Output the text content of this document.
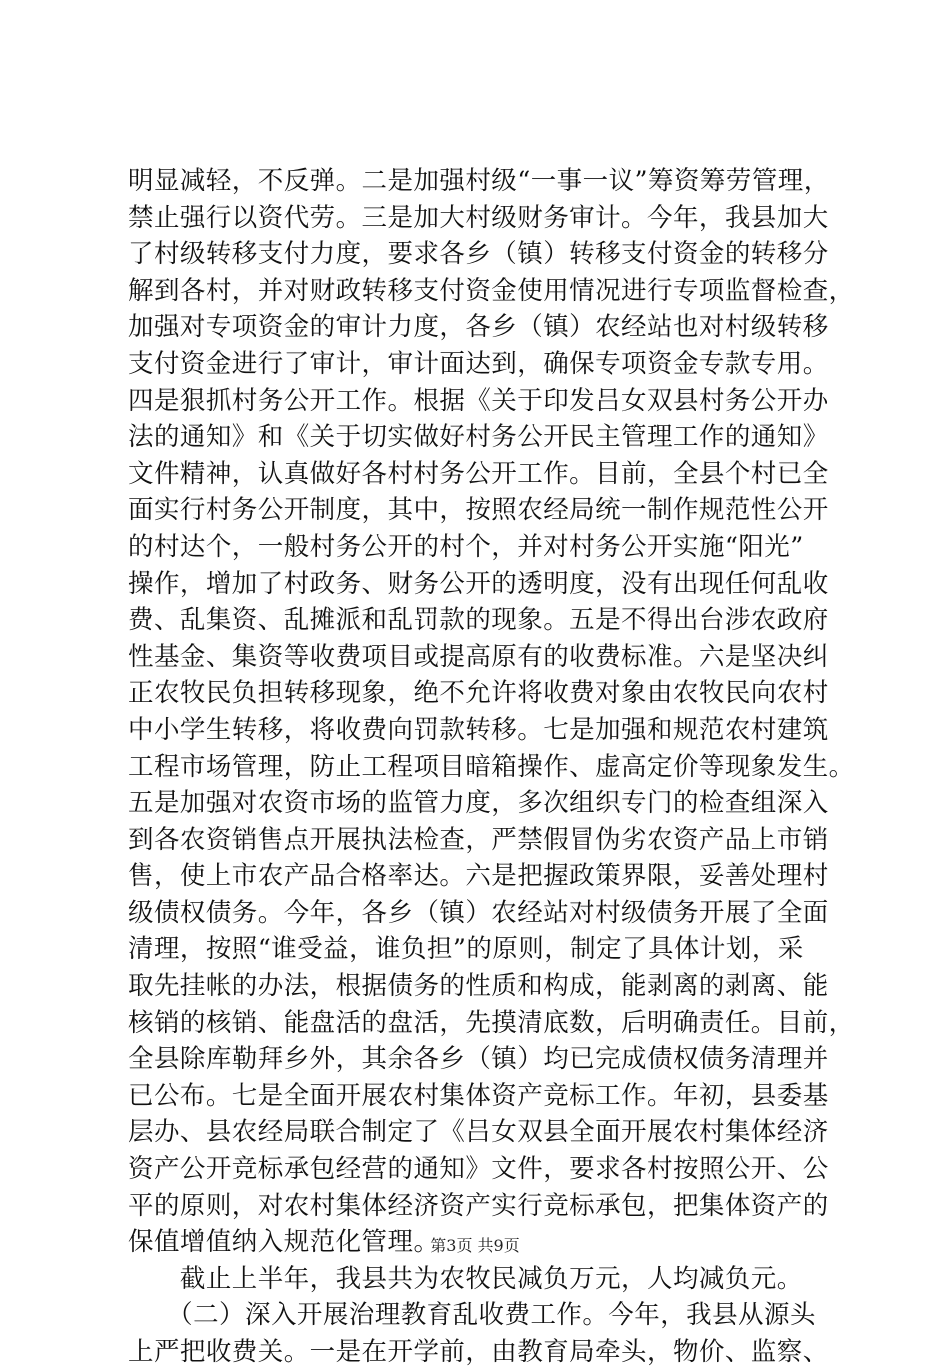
明显减轻，不反弹。二是加强村级“一事一议”筹资筹劳管理，
禁止强行以资代劳。三是加大村级财务审计。今年，我县加大
了村级转移支付力度，要求各乡（镇）转移支付资金的转移分
解到各村，并对财政转移支付资金使用情况进行专项监督检查，
加强对专项资金的审计力度，各乡（镇）农经站也对村级转移
支付资金进行了审计，审计面达到，确保专项资金专款专用。
四是狠抓村务公开工作。根据《关于印发吕女双县村务公开办
法的通知》和《关于切实做好村务公开民主管理工作的通知》
文件精神，认真做好各村村务公开工作。目前，全县个村已全
面实行村务公开制度，其中，按照农经局统一制作规范性公开
的村达个，一般村务公开的村个，并对村务公开实施“阳光”
操作，增加了村政务、财务公开的透明度，没有出现任何乱收
费、乱集资、乱摊派和乱罚款的现象。五是不得出台涉农政府
性基金、集资等收费项目或提高原有的收费标准。六是坚决纠
正农牧民负担转移现象，绝不允许将收费对象由农牧民向农村
中小学生转移，将收费向罚款转移。七是加强和规范农村建筑
工程市场管理，防止工程项目暗箱操作、虚高定价等现象发生。
五是加强对农资市场的监管力度，多次组织专门的检查组深入
到各农资销售点开展执法检查，严禁假冒伪劣农资产品上市销
售，使上市农产品合格率达。六是把握政策界限，妥善处理村
级债权债务。今年，各乡（镇）农经站对村级债务开展了全面
清理，按照“谁受益，谁负担”的原则，制定了具体计划，采
取先挂帐的办法，根据债务的性质和构成，能剥离的剥离、能
核销的核销、能盘活的盘活，先摸清底数，后明确责任。目前，
全县除库勒拜乡外，其余各乡（镇）均已完成债权债务清理并
已公布。七是全面开展农村集体资产竞标工作。年初，县委基
层办、县农经局联合制定了《吕女双县全面开展农村集体经济
资产公开竞标承包经营的通知》文件，要求各村按照公开、公
平的原则，对农村集体经济资产实行竞标承包，把集体资产的
保值增值纳入规范化管理。
　　截止上半年，我县共为农牧民减负万元，人均减负元。
　　（二）深入开展治理教育乱收费工作。今年，我县从源头
上严把收费关。一是在开学前，由教育局牵头，物价、监察、
第3页 共9页
